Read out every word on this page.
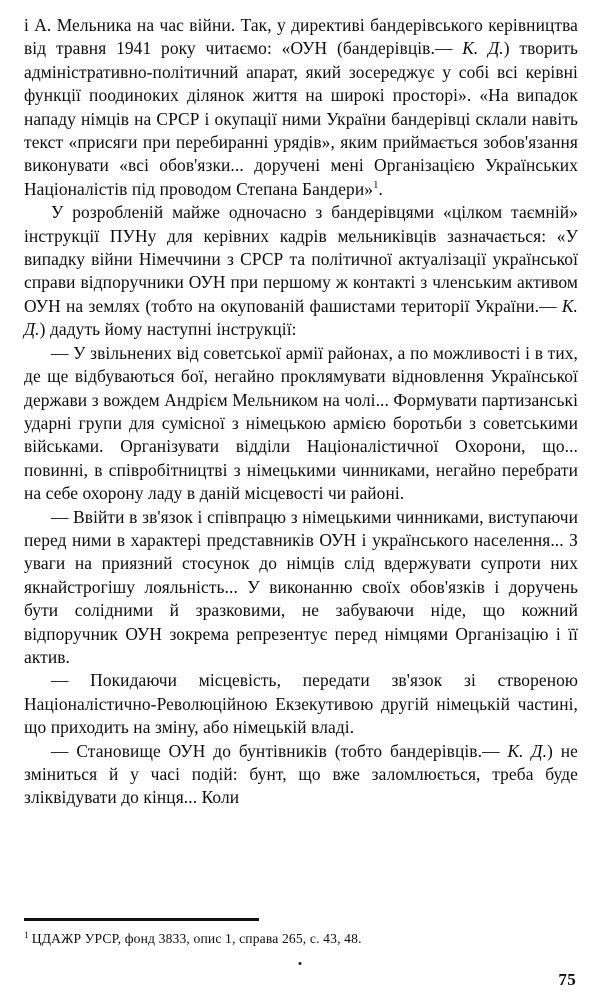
і А. Мельника на час війни. Так, у директиві бандерівського керівництва від травня 1941 року читаємо: «ОУН (бандерівців.— К. Д.) творить адміністративно-політичний апарат, який зосереджує у собі всі керівні функції поодиноких ділянок життя на широкі просторі». «На випадок нападу німців на СРСР і окупації ними України бандерівці склали навіть текст «присяги при перебиранні урядів», яким приймається зобов'язання виконувати «всі обов'язки... доручені мені Організацією Українських Націоналістів під проводом Степана Бандери»$^1$.

У розробленій майже одночасно з бандерівцями «цілком таємній» інструкції ПУНу для керівних кадрів мельниківців зазначається: «У випадку війни Німеччини з СРСР та політичної актуалізації української справи відпоручники ОУН при першому ж контакті з членським активом ОУН на землях (тобто на окупованій фашистами території України.— К. Д.) дадуть йому наступні інструкції:

— У звільнених від советської армії районах, а по можливості і в тих, де ще відбуваються бої, негайно проклямувати відновлення Української держави з вождем Андрієм Мельником на чолі... Формувати партизанські ударні групи для сумісної з німецькою армією боротьби з советськими військами. Організувати відділи Націоналістичної Охорони, що... повинні, в співробітництві з німецькими чинниками, негайно перебрати на себе охорону ладу в даній місцевості чи районі.

— Ввійти в зв'язок і співпрацю з німецькими чинниками, виступаючи перед ними в характері представників ОУН і українського населення... З уваги на приязний стосунок до німців слід вдержувати супроти них якнайстрогішу лояльність... У виконанню своїх обов'язків і доручень бути солідними й зразковими, не забуваючи ніде, що кожний відпоручник ОУН зокрема репрезентує перед німцями Організацію і її актив.

— Покидаючи місцевість, передати зв'язок зі створеною Націоналістично-Революційною Екзекутивою другій німецькій частині, що приходить на зміну, або німецькій владі.

— Становище ОУН до бунтівників (тобто бандерівців.— К. Д.) не зміниться й у часі подій: бунт, що вже заломлюється, треба буде зліквідувати до кінця... Коли

$^1$ ЦДАЖР УРСР, фонд 3833, опис 1, справа 265, с. 43, 48.
75
